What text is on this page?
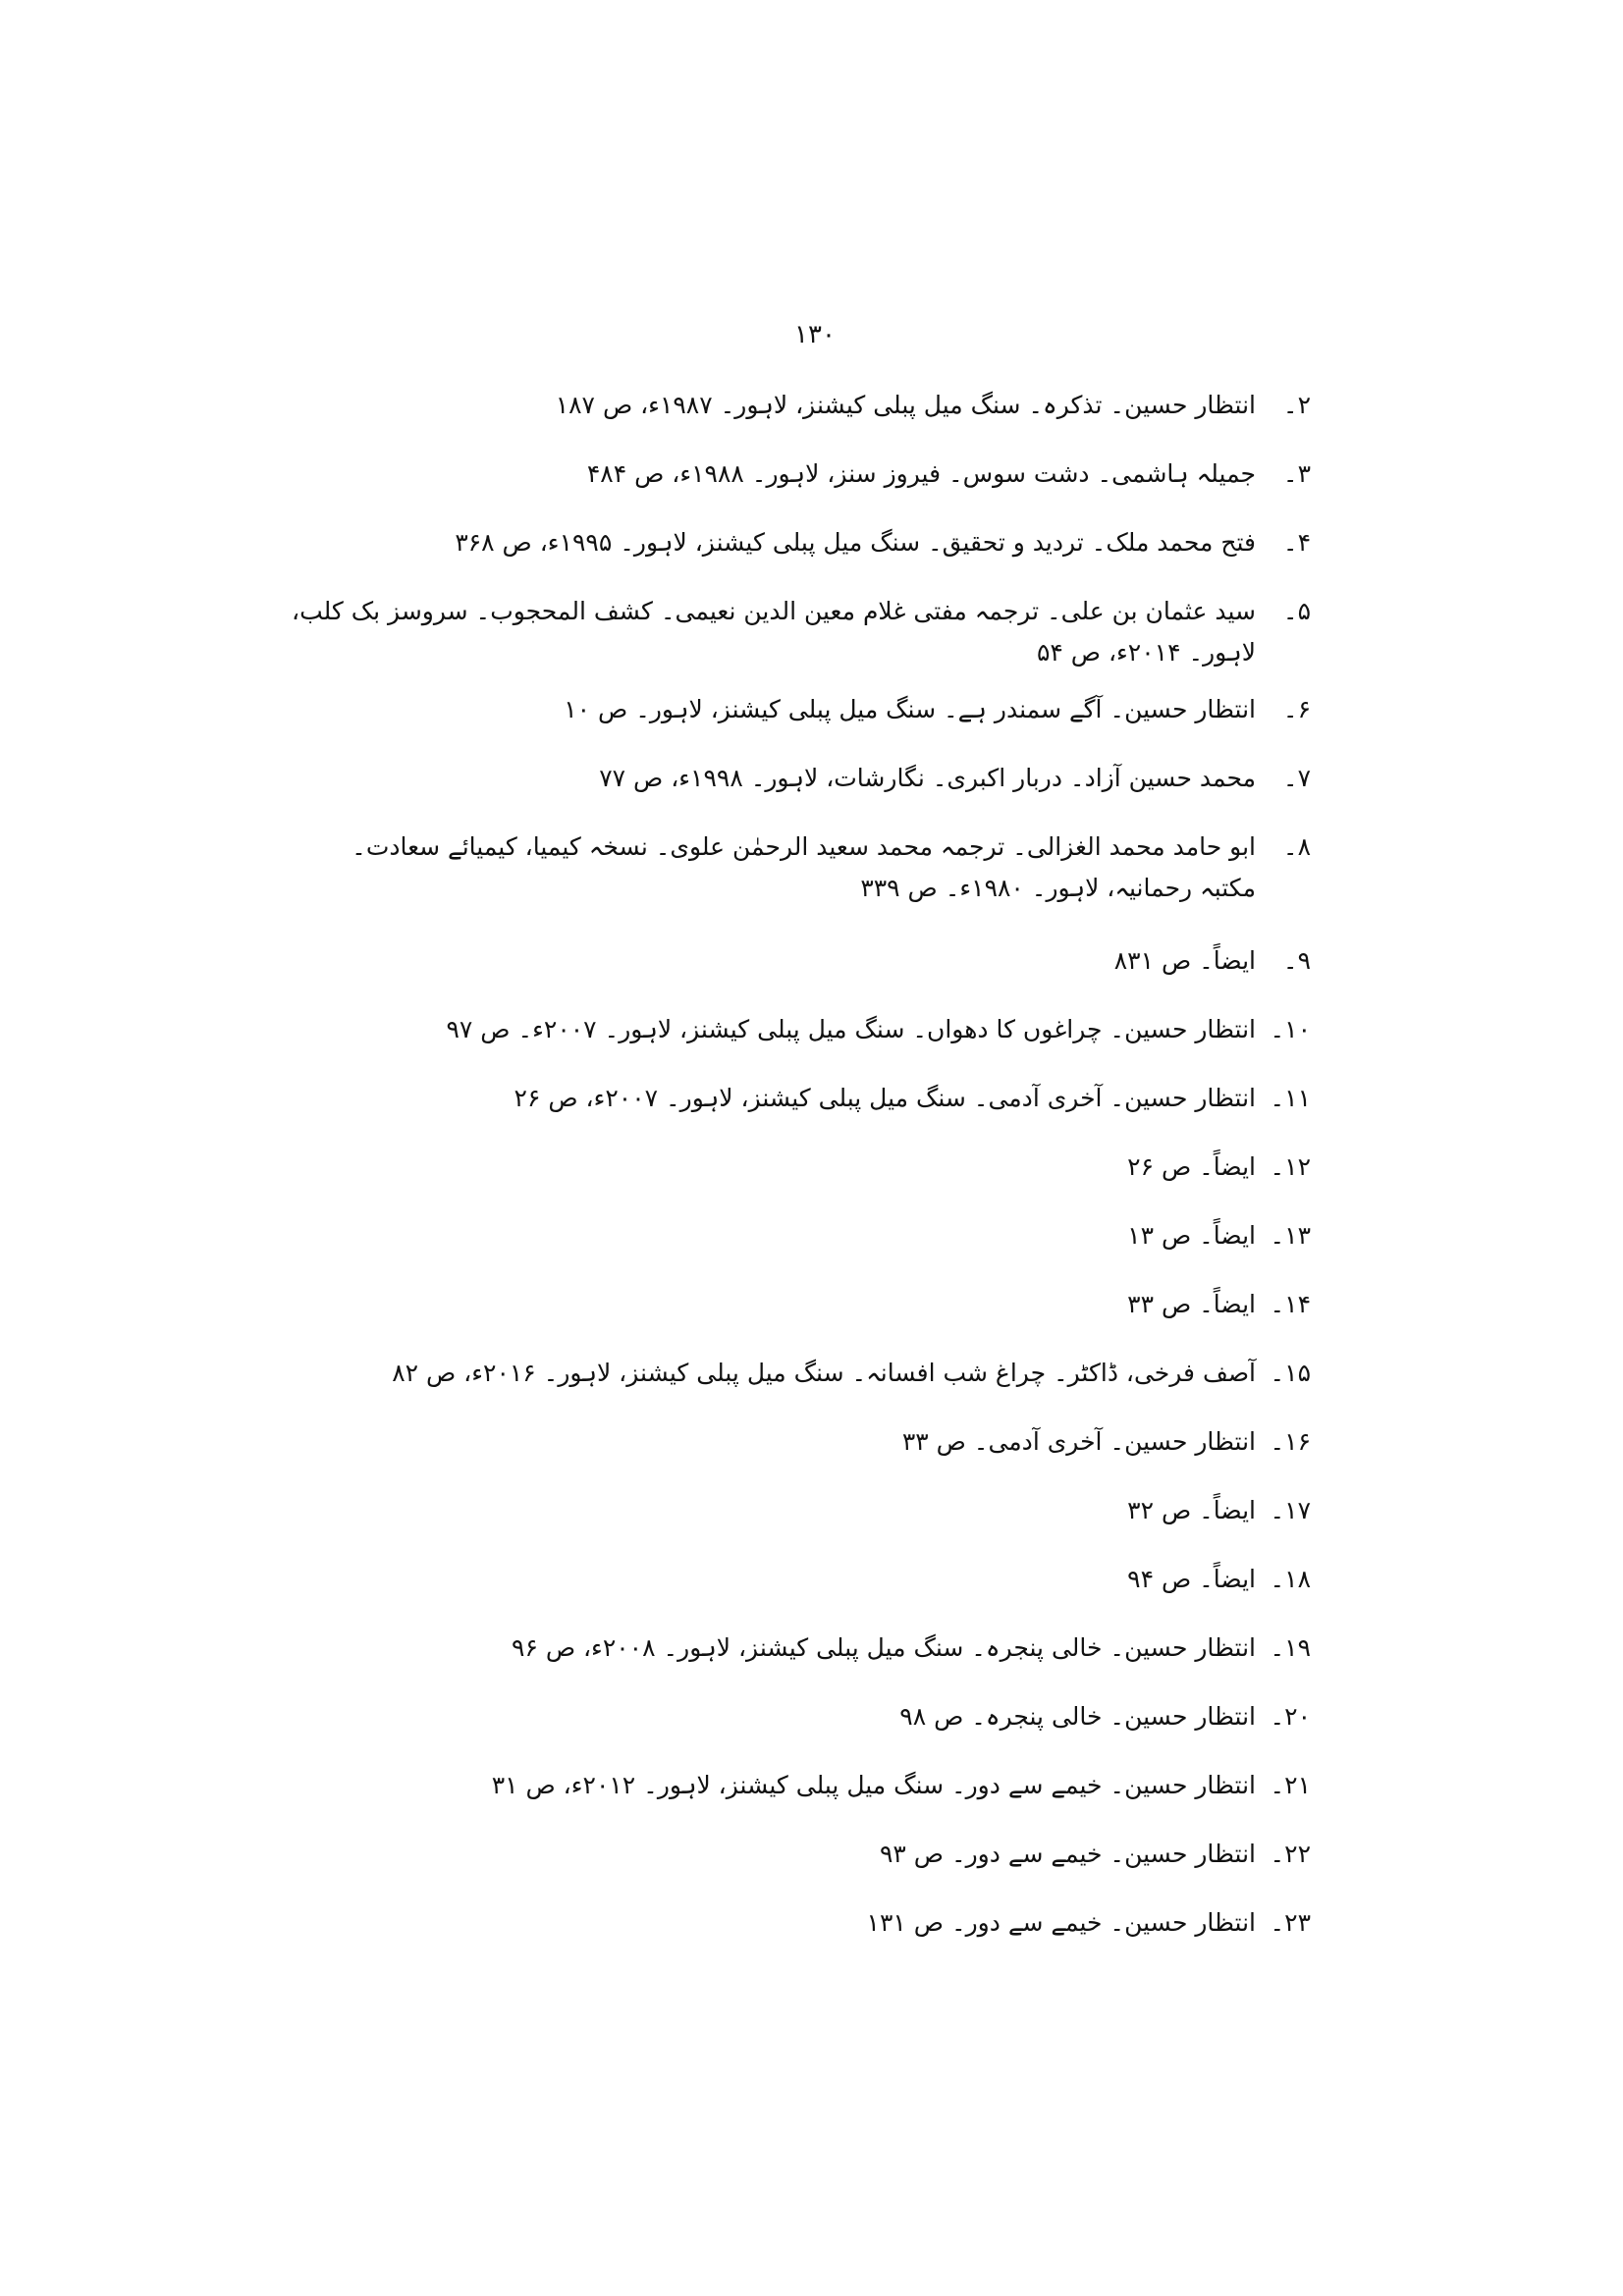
۱۳۰
۲۔
انتظار حسین۔ تذکرہ۔ سنگ میل پبلی کیشنز، لاہور۔ ۱۹۸۷ء، ص ۱۸۷
۳۔
جمیلہ ہاشمی۔ دشت سوس۔ فیروز سنز، لاہور۔ ۱۹۸۸ء، ص ۴۸۴
۴۔
فتح محمد ملک۔ تردید و تحقیق۔ سنگ میل پبلی کیشنز، لاہور۔ ۱۹۹۵ء، ص ۳۶۸
۵۔
سید عثمان بن علی۔ ترجمہ مفتی غلام معین الدین نعیمی۔ کشف المحجوب۔ سروسز بک کلب، لاہور۔ ۲۰۱۴ء، ص ۵۴
۶۔
انتظار حسین۔ آگے سمندر ہے۔ سنگ میل پبلی کیشنز، لاہور۔ ص ۱۰
۷۔
محمد حسین آزاد۔ دربار اکبری۔ نگارشات، لاہور۔ ۱۹۹۸ء، ص ۷۷
۸۔
ابو حامد محمد الغزالی۔ ترجمہ محمد سعید الرحمٰن علوی۔ نسخہ کیمیا، کیمیائے سعادت۔ مکتبہ رحمانیہ، لاہور۔ ۱۹۸۰ء۔ ص ۳۳۹
۹۔
ایضاً۔ ص ۸۳۱
۱۰۔
انتظار حسین۔ چراغوں کا دھواں۔ سنگ میل پبلی کیشنز، لاہور۔ ۲۰۰۷ء۔ ص ۹۷
۱۱۔
انتظار حسین۔ آخری آدمی۔ سنگ میل پبلی کیشنز، لاہور۔ ۲۰۰۷ء، ص ۲۶
۱۲۔
ایضاً۔ ص ۲۶
۱۳۔
ایضاً۔ ص ۱۳
۱۴۔
ایضاً۔ ص ۳۳
۱۵۔
آصف فرخی، ڈاکٹر۔ چراغ شب افسانہ۔ سنگ میل پبلی کیشنز، لاہور۔ ۲۰۱۶ء، ص ۸۲
۱۶۔
انتظار حسین۔ آخری آدمی۔ ص ۳۳
۱۷۔
ایضاً۔ ص ۳۲
۱۸۔
ایضاً۔ ص ۹۴
۱۹۔
انتظار حسین۔ خالی پنجرہ۔ سنگ میل پبلی کیشنز، لاہور۔ ۲۰۰۸ء، ص ۹۶
۲۰۔
انتظار حسین۔ خالی پنجرہ۔ ص ۹۸
۲۱۔
انتظار حسین۔ خیمے سے دور۔ سنگ میل پبلی کیشنز، لاہور۔ ۲۰۱۲ء، ص ۳۱
۲۲۔
انتظار حسین۔ خیمے سے دور۔ ص ۹۳
۲۳۔
انتظار حسین۔ خیمے سے دور۔ ص ۱۳۱
